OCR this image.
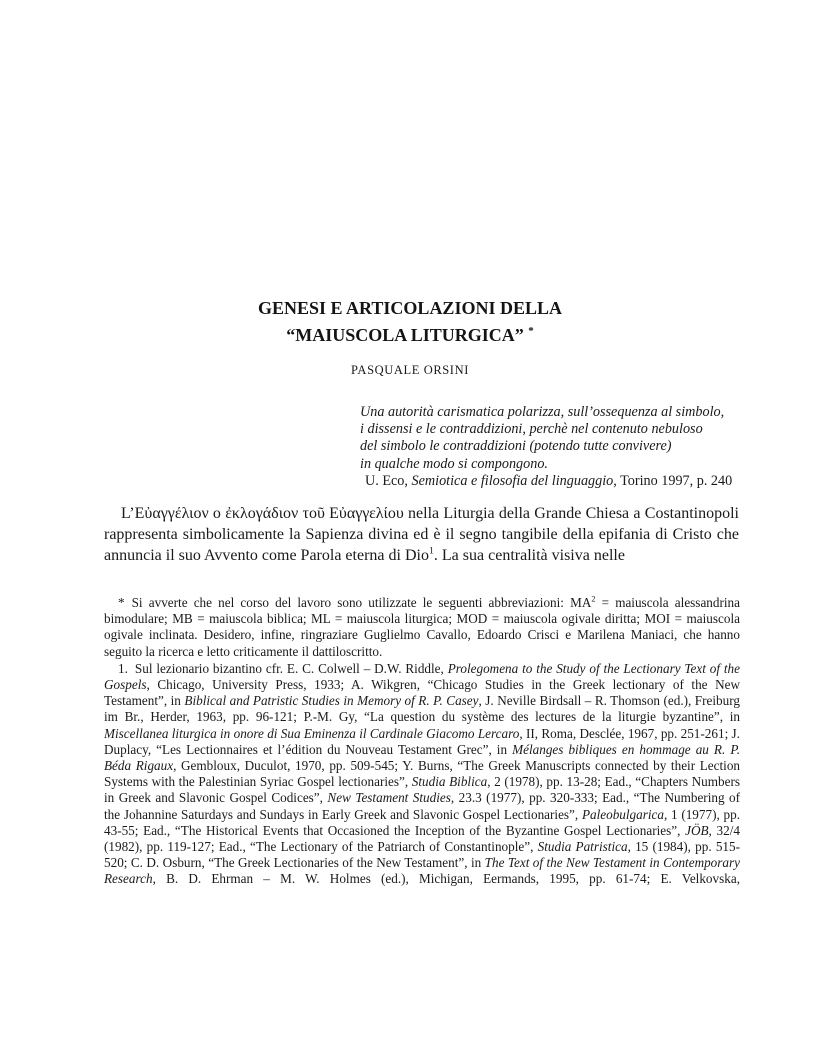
GENESI E ARTICOLAZIONI DELLA
“MAIUSCOLA LITURGICA” *
PASQUALE ORSINI
Una autorità carismatica polarizza, sull’ossequenza al simbolo,
i dissensi e le contraddizioni, perchè nel contenuto nebuloso
del simbolo le contraddizioni (potendo tutte convivere)
in qualche modo si compongono.
U. Eco, Semiotica e filosofia del linguaggio, Torino 1997, p. 240
L’Εὐαγγέλιον ο ἐκλογάδιον τοῦ Εὐαγγελίου nella Liturgia della Grande Chiesa a Costantinopoli rappresenta simbolicamente la Sapienza divina ed è il segno tangibile della epifania di Cristo che annuncia il suo Avvento come Parola eterna di Dio$^1$. La sua centralità visiva nelle

* Si avverte che nel corso del lavoro sono utilizzate le seguenti abbreviazioni: $MA^2$ = maiuscola alessandrina bimodulare; MB = maiuscola biblica; ML = maiuscola liturgica; MOD = maiuscola ogivale diritta; MOI = maiuscola ogivale inclinata. Desidero, infine, ringraziare Guglielmo Cavallo, Edoardo Crisci e Marilena Maniaci, che hanno seguito la ricerca e letto criticamente il dattiloscritto.

1. Sul lezionario bizantino cfr. E. C. Colwell – D.W. Riddle, Prolegomena to the Study of the Lectionary Text of the Gospels, Chicago, University Press, 1933; A. Wikgren, “Chicago Studies in the Greek lectionary of the New Testament”, in Biblical and Patristic Studies in Memory of R. P. Casey, J. Neville Birdsall – R. Thomson (ed.), Freiburg im Br., Herder, 1963, pp. 96-121; P.-M. Gy, “La question du système des lectures de la liturgie byzantine”, in Miscellanea liturgica in onore di Sua Eminenza il Cardinale Giacomo Lercaro, II, Roma, Desclée, 1967, pp. 251-261; J. Duplacy, “Les Lectionnaires et l’édition du Nouveau Testament Grec”, in Mélanges bibliques en hommage au R. P. Béda Rigaux, Gembloux, Duculot, 1970, pp. 509-545; Y. Burns, “The Greek Manuscripts connected by their Lection Systems with the Palestinian Syriac Gospel lectionaries”, Studia Biblica, 2 (1978), pp. 13-28; Ead., “Chapters Numbers in Greek and Slavonic Gospel Codices”, New Testament Studies, 23.3 (1977), pp. 320-333; Ead., “The Numbering of the Johannine Saturdays and Sundays in Early Greek and Slavonic Gospel Lectionaries”, Paleobulgarica, 1 (1977), pp. 43-55; Ead., “The Historical Events that Occasioned the Inception of the Byzantine Gospel Lectionaries”, JÖB, 32/4 (1982), pp. 119-127; Ead., “The Lectionary of the Patriarch of Constantinople”, Studia Patristica, 15 (1984), pp. 515-520; C. D. Osburn, “The Greek Lectionaries of the New Testament”, in The Text of the New Testament in Contemporary Research, B. D. Ehrman – M. W. Holmes (ed.), Michigan, Eermands, 1995, pp. 61-74; E. Velkovska,
